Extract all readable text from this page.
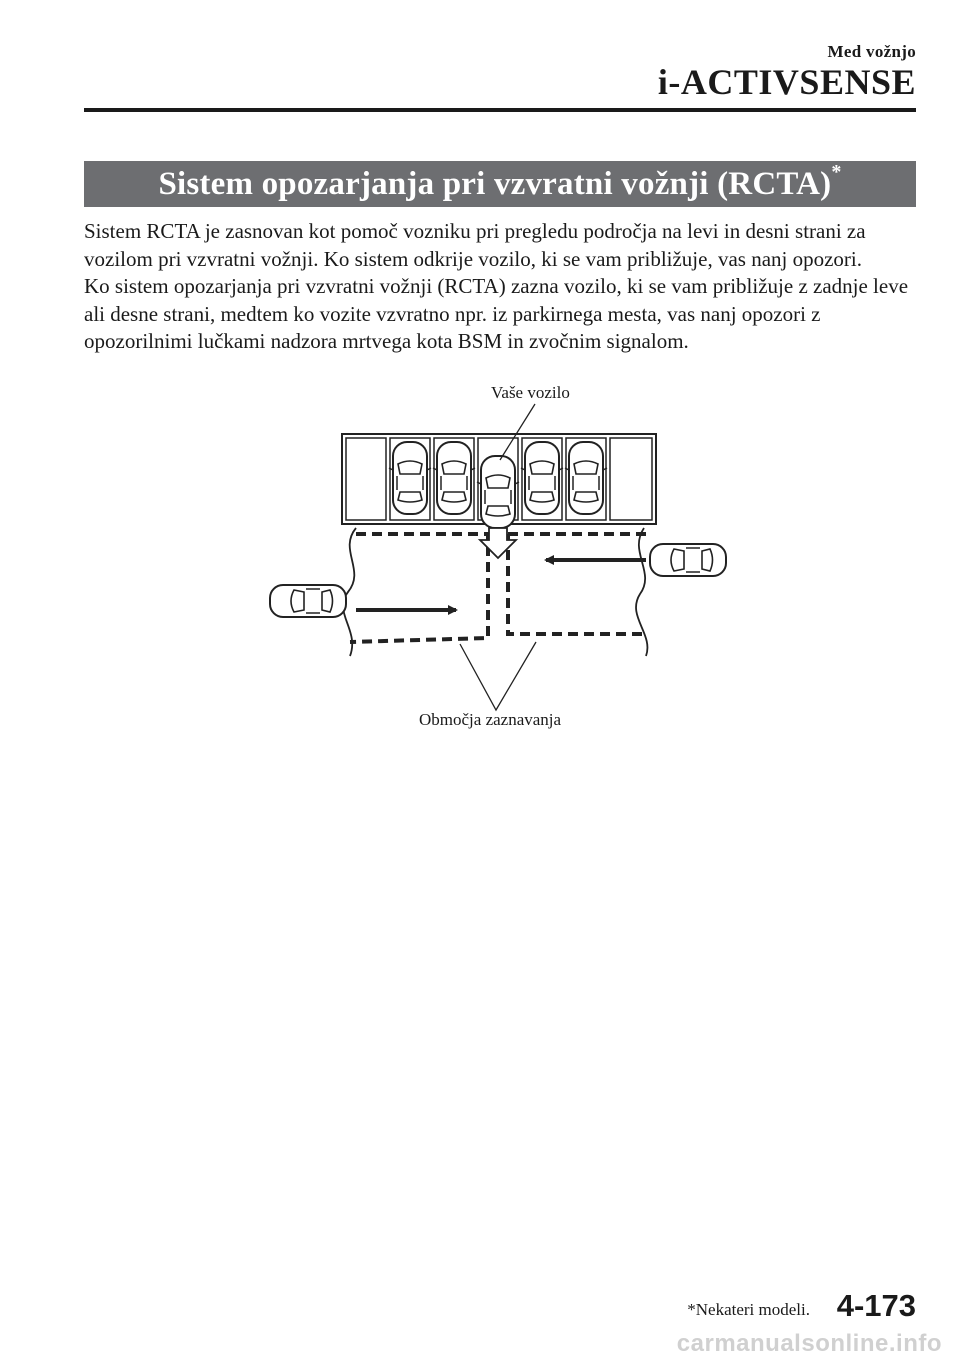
Med vožnjo
i-ACTIVSENSE
Sistem opozarjanja pri vzvratni vožnji (RCTA)*

Sistem RCTA je zasnovan kot pomoč vozniku pri pregledu področja na levi in desni strani za vozilom pri vzvratni vožnji. Ko sistem odkrije vozilo, ki se vam približuje, vas nanj opozori.

Ko sistem opozarjanja pri vzvratni vožnji (RCTA) zazna vozilo, ki se vam približuje z zadnje leve ali desne strani, medtem ko vozite vzvratno npr. iz parkirnega mesta, vas nanj opozori z opozorilnimi lučkami nadzora mrtvega kota BSM in zvočnim signalom.

Vaše vozilo
Območja zaznavanja
*Nekateri modeli. 4-173
carmanualsonline.info
